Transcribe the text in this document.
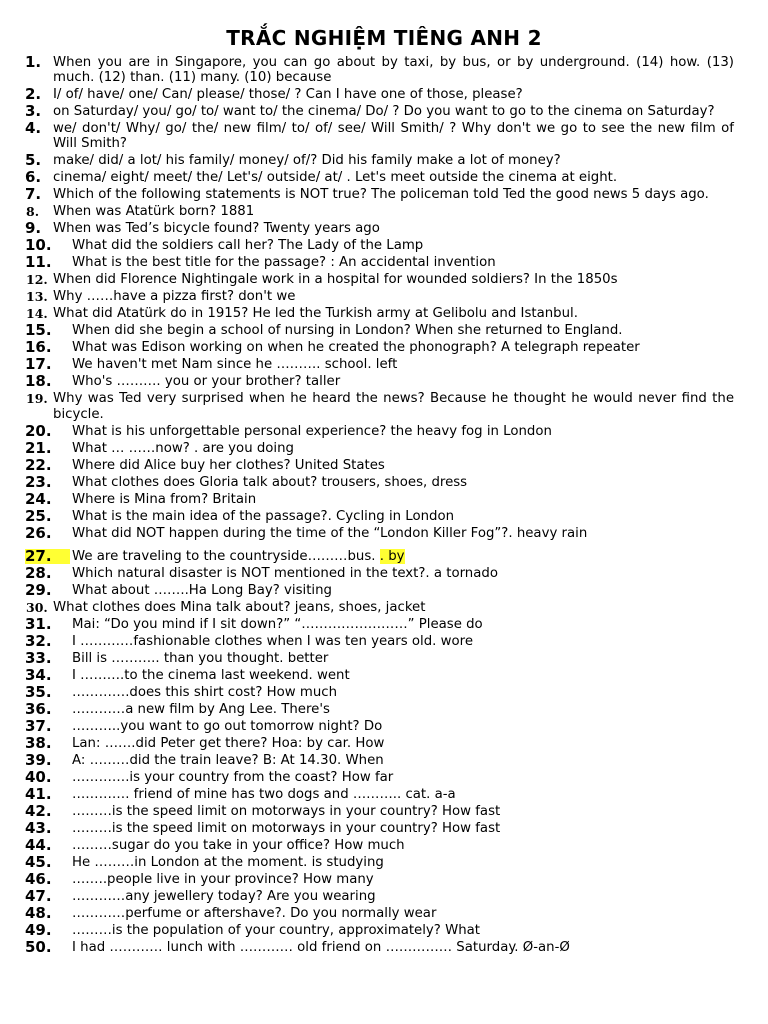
TRẮC NGHIỆM TIÊNG ANH 2
1. When you are in Singapore, you can go about by taxi, by bus, or by underground. (14) how. (13) much. (12) than. (11) many. (10) because
2. I/ of/ have/ one/ Can/ please/ those/ ? Can I have one of those, please?
3. on Saturday/ you/ go/ to/ want to/ the cinema/ Do/ ? Do you want to go to the cinema on Saturday?
4. we/ don't/ Why/ go/ the/ new film/ to/ of/ see/ Will Smith/ ? Why don't we go to see the new film of Will Smith?
5. make/ did/ a lot/ his family/ money/ of/? Did his family make a lot of money?
6. cinema/ eight/ meet/ the/ Let's/ outside/ at/ . Let's meet outside the cinema at eight.
7. Which of the following statements is NOT true? The policeman told Ted the good news 5 days ago.
8. When was Atatürk born? 1881
9. When was Ted’s bicycle found? Twenty years ago
10. What did the soldiers call her? The Lady of the Lamp
11. What is the best title for the passage? : An accidental invention
12. When did Florence Nightingale work in a hospital for wounded soldiers? In the 1850s
13. Why ……have a pizza first? don't we
14. What did Atatürk do in 1915? He led the Turkish army at Gelibolu and Istanbul.
15. When did she begin a school of nursing in London? When she returned to England.
16. What was Edison working on when he created the phonograph? A telegraph repeater
17. We haven't met Nam since he ………. school. left
18. Who's ………. you or your brother? taller
19. Why was Ted very surprised when he heard the news? Because he thought he would never find the bicycle.
20. What is his unforgettable personal experience? the heavy fog in London
21. What … ……now? . are you doing
22. Where did Alice buy her clothes? United States
23. What clothes does Gloria talk about? trousers, shoes, dress
24. Where is Mina from? Britain
25. What is the main idea of the passage?. Cycling in London
26. What did NOT happen during the time of the “London Killer Fog”?. heavy rain
27.	We are traveling to the countryside………bus. . by
28. Which natural disaster is NOT mentioned in the text?. a tornado
29. What about ……..Ha Long Bay? visiting
30. What clothes does Mina talk about? jeans, shoes, jacket
31. Mai: “Do you mind if I sit down?” “……………………” Please do
32. I …………fashionable clothes when I was ten years old. wore
33. Bill is ……….. than you thought. better
34. I ……….to the cinema last weekend. went
35. ………….does this shirt cost? How much
36. …………a new film by Ang Lee. There's
37. ………..you want to go out tomorrow night? Do
38. Lan: …….did Peter get there? Hoa: by car. How
39. A: ………did the train leave? B: At 14.30. When
40. ………….is your country from the coast? How far
41. …………. friend of mine has two dogs and ……….. cat. a-a
42. ………is the speed limit on motorways in your country? How fast
43. ………is the speed limit on motorways in your country? How fast
44. ………sugar do you take in your office? How much
45. He ………in London at the moment. is studying
46. ……..people live in your province? How many
47. …………any jewellery today? Are you wearing
48. …………perfume or aftershave?. Do you normally wear
49. ………is the population of your country, approximately? What
50. I had ………… lunch with ………… old friend on …………… Saturday. Ø-an-Ø
